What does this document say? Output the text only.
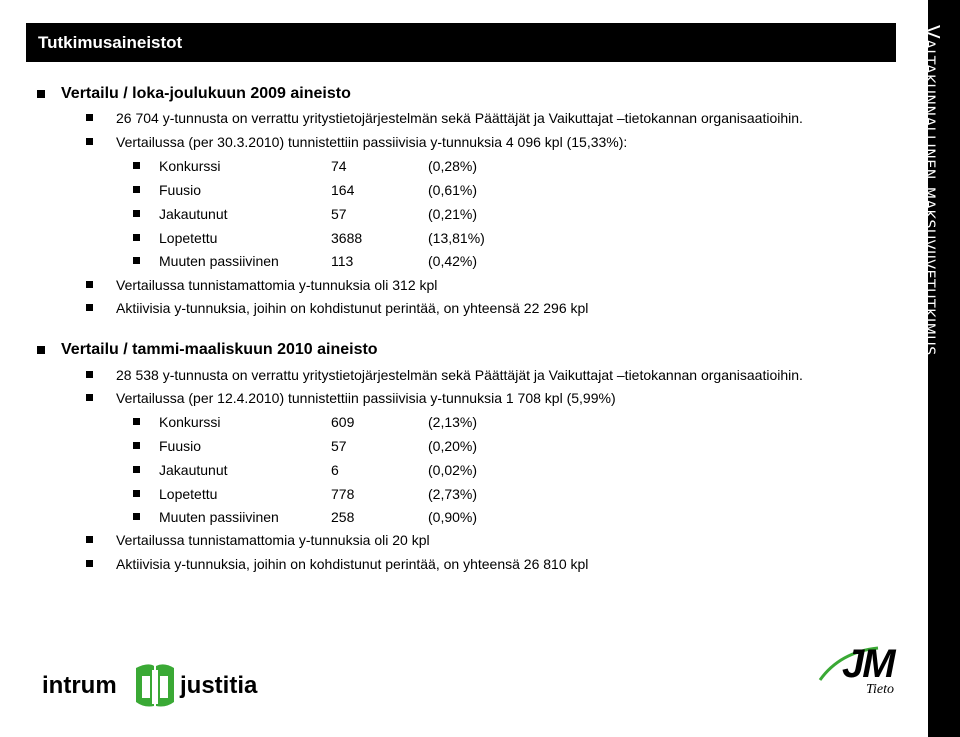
Tutkimusaineistot	Valtakunnallinen maksuviivetutkimus
Vertailu / loka-joulukuun 2009 aineisto
26 704 y-tunnusta on verrattu yritystietojärjestelmän sekä Päättäjät ja Vaikuttajat –tietokannan organisaatioihin.
Vertailussa (per 30.3.2010) tunnistettiin passiivisia y-tunnuksia 4 096 kpl (15,33%):
Konkurssi	74	(0,28%)
Fuusio	164	(0,61%)
Jakautunut	57	(0,21%)
Lopetettu	3688	(13,81%)
Muuten passiivinen	113	(0,42%)
Vertailussa tunnistamattomia y-tunnuksia oli 312 kpl
Aktiivisia y-tunnuksia, joihin on kohdistunut perintää, on yhteensä 22 296 kpl
Vertailu / tammi-maaliskuun 2010 aineisto
28 538 y-tunnusta on verrattu yritystietojärjestelmän sekä Päättäjät ja Vaikuttajat –tietokannan organisaatioihin.
Vertailussa (per 12.4.2010) tunnistettiin passiivisia y-tunnuksia 1 708 kpl (5,99%)
Konkurssi	609	(2,13%)
Fuusio	57	(0,20%)
Jakautunut	6	(0,02%)
Lopetettu	778	(2,73%)
Muuten passiivinen	258	(0,90%)
Vertailussa tunnistamattomia y-tunnuksia oli 20 kpl
Aktiivisia y-tunnuksia, joihin on kohdistunut perintää, on yhteensä 26 810 kpl
intrum	justitia	JM
Tieto
